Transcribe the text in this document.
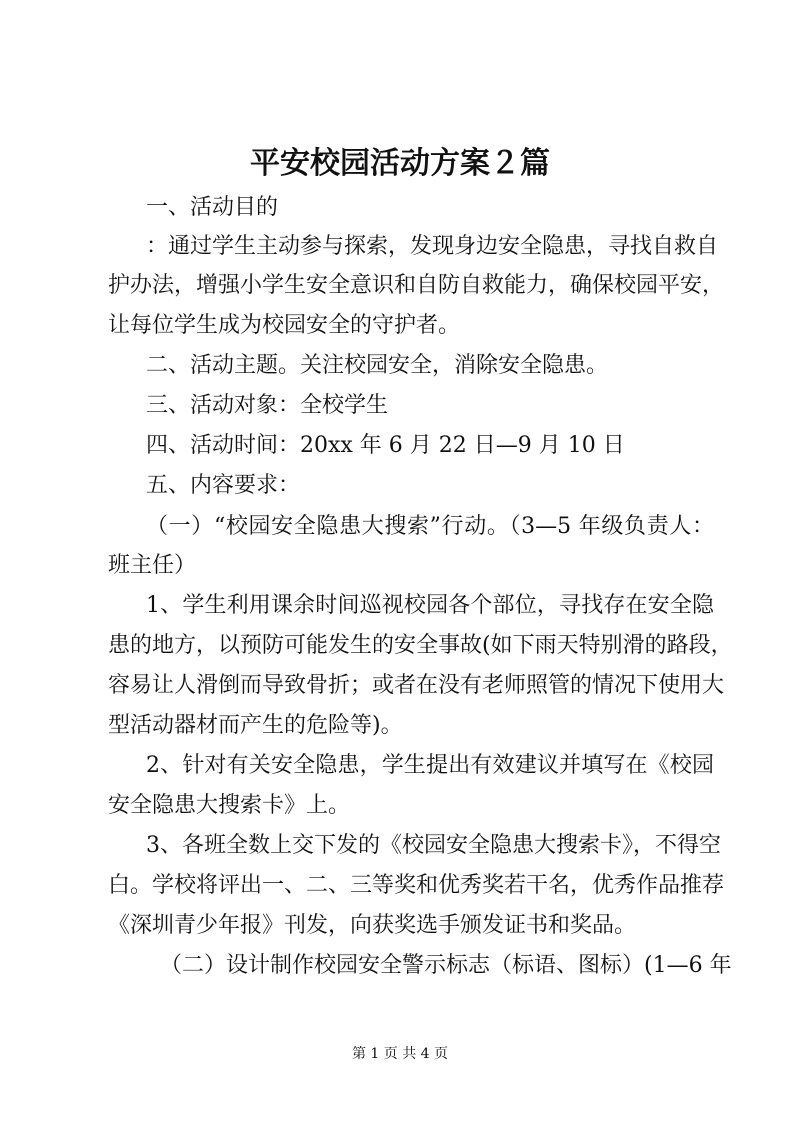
平安校园活动方案２篇
一、活动目的
：通过学生主动参与探索，发现身边安全隐患，寻找自救自
护办法，增强小学生安全意识和自防自救能力，确保校园平安，
让每位学生成为校园安全的守护者。
二、活动主题。关注校园安全，消除安全隐患。
三、活动对象：全校学生
四、活动时间：20xx 年 6 月 22 日—9 月 10 日
五、内容要求：
（一）“校园安全隐患大搜索”行动。（3—5 年级负责人：
班主任）
1、学生利用课余时间巡视校园各个部位，寻找存在安全隐
患的地方，以预防可能发生的安全事故(如下雨天特别滑的路段，
容易让人滑倒而导致骨折；或者在没有老师照管的情况下使用大
型活动器材而产生的危险等)。
2、针对有关安全隐患，学生提出有效建议并填写在《校园
安全隐患大搜索卡》上。
3、各班全数上交下发的《校园安全隐患大搜索卡》，不得空
白。学校将评出一、二、三等奖和优秀奖若干名，优秀作品推荐
《深圳青少年报》刊发，向获奖选手颁发证书和奖品。
（二）设计制作校园安全警示标志（标语、图标）(1—6 年
第 1 页 共 4 页
